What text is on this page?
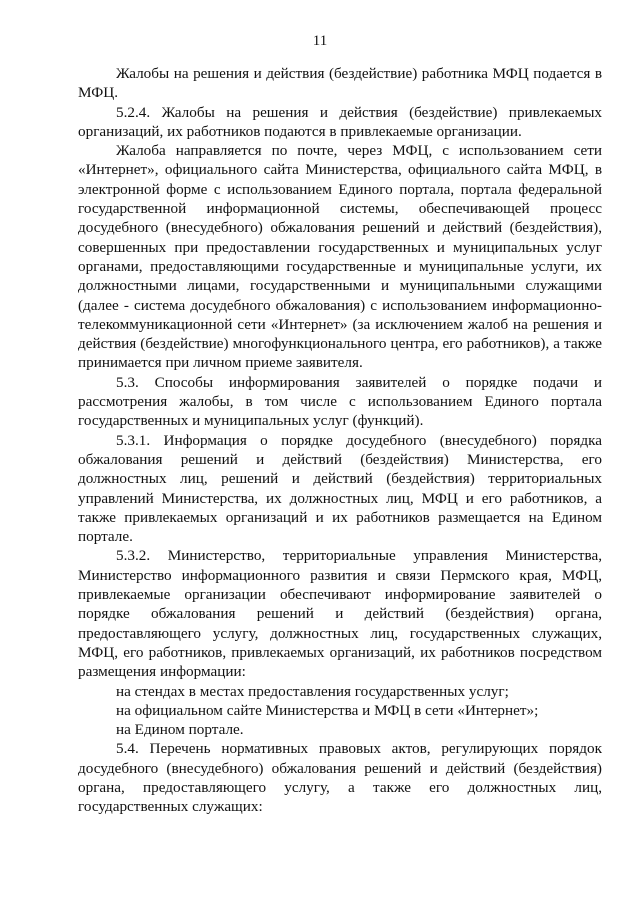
11

Жалобы на решения и действия (бездействие) работника МФЦ подается в МФЦ.

5.2.4. Жалобы на решения и действия (бездействие) привлекаемых организаций, их работников подаются в привлекаемые организации.

Жалоба направляется по почте, через МФЦ, с использованием сети «Интернет», официального сайта Министерства, официального сайта МФЦ, в электронной форме с использованием Единого портала, портала федеральной государственной информационной системы, обеспечивающей процесс досудебного (внесудебного) обжалования решений и действий (бездействия), совершенных при предоставлении государственных и муниципальных услуг органами, предоставляющими государственные и муниципальные услуги, их должностными лицами, государственными и муниципальными служащими (далее - система досудебного обжалования) с использованием информационно-телекоммуникационной сети «Интернет» (за исключением жалоб на решения и действия (бездействие) многофункционального центра, его работников), а также принимается при личном приеме заявителя.

5.3. Способы информирования заявителей о порядке подачи и рассмотрения жалобы, в том числе с использованием Единого портала государственных и муниципальных услуг (функций).

5.3.1. Информация о порядке досудебного (внесудебного) порядка обжалования решений и действий (бездействия) Министерства, его должностных лиц, решений и действий (бездействия) территориальных управлений Министерства, их должностных лиц, МФЦ и его работников, а также привлекаемых организаций и их работников размещается на Едином портале.

5.3.2. Министерство, территориальные управления Министерства, Министерство информационного развития и связи Пермского края, МФЦ, привлекаемые организации обеспечивают информирование заявителей о порядке обжалования решений и действий (бездействия) органа, предоставляющего услугу, должностных лиц, государственных служащих, МФЦ, его работников, привлекаемых организаций, их работников посредством размещения информации:

на стендах в местах предоставления государственных услуг;

на официальном сайте Министерства и МФЦ в сети «Интернет»;

на Едином портале.

5.4. Перечень нормативных правовых актов, регулирующих порядок досудебного (внесудебного) обжалования решений и действий (бездействия) органа, предоставляющего услугу, а также его должностных лиц, государственных служащих:
